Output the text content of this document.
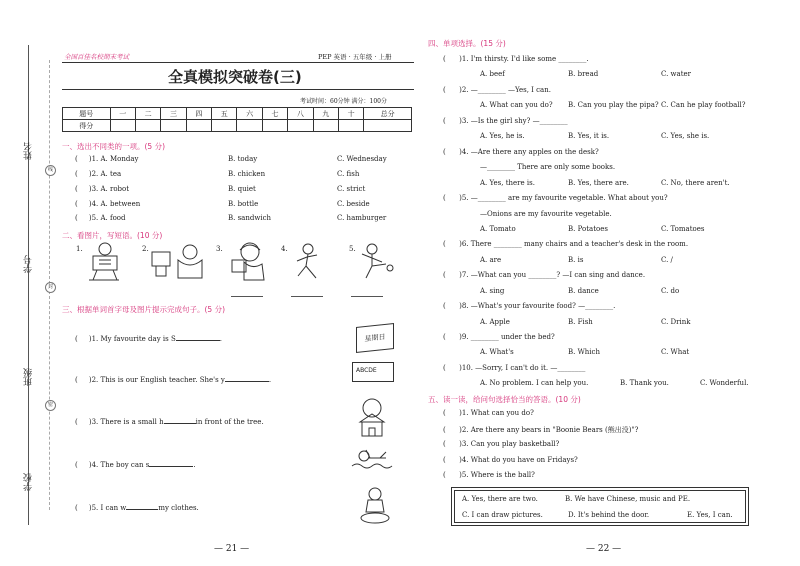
姓名
学号
班级
学校
线
封
密
全国百佳名校期末考试	PEP 英语 · 五年级 · 上册
全真模拟突破卷(三)
考试时间：60分钟 满分：100分
题号	一	二	三	四	五	六	七	八	九	十	总分
得分											
一、选出不同类的一项。(5 分)
(     )1. A. Monday	B. today	C. Wednesday
(     )2. A. tea	B. chicken	C. fish
(     )3. A. robot	B. quiet	C. strict
(     )4. A. between	B. bottle	C. beside
(     )5. A. food	B. sandwich	C. hamburger
二、看图片，写短语。(10 分)
1.	2.	3.	4.	5.
三、根据单词首字母及图片提示完成句子。(5 分)
(     )1. My favourite day is S	.
(     )2. This is our English teacher. She's y	.
(     )3. There is a small h	in front of the tree.
(     )4. The boy can s	.
(     )5. I can w	my clothes.
星期日
ABCDE
— 21 —
四、单项选择。(15 分)
(      )1. I'm thirsty. I'd like some ________.
A. beef	B. bread	C. water
(      )2. —________ —Yes, I can.
A. What can you do? B. Can you play the pipa? C. Can he play football?
(      )3. —Is the girl shy? —________
A. Yes, he is.	B. Yes, it is.	C. Yes, she is.
(      )4. —Are there any apples on the desk?
—________ There are only some books.
A. Yes, there is.	B. Yes, there are.	C. No, there aren't.
(      )5. —________ are my favourite vegetable. What about you?
—Onions are my favourite vegetable.
A. Tomato	B. Potatoes	C. Tomatoes
(      )6. There ________ many chairs and a teacher's desk in the room.
A. are	B. is	C. /
(      )7. —What can you ________? —I can sing and dance.
A. sing	B. dance	C. do
(      )8. —What's your favourite food? —________.
A. Apple	B. Fish	C. Drink
(      )9. ________ under the bed?
A. What's	B. Which	C. What
(      )10. —Sorry, I can't do it. —________
A. No problem. I can help you.	B. Thank you.	C. Wonderful.
五、读一读，给问句选择恰当的答语。(10 分)
(      )1. What can you do?
(      )2. Are there any bears in "Boonie Bears (熊出没)"?
(      )3. Can you play basketball?
(      )4. What do you have on Fridays?
(      )5. Where is the ball?
A. Yes, there are two.	B. We have Chinese, music and PE.
C. I can draw pictures.	D. It's behind the door.	E. Yes, I can.
— 22 —
